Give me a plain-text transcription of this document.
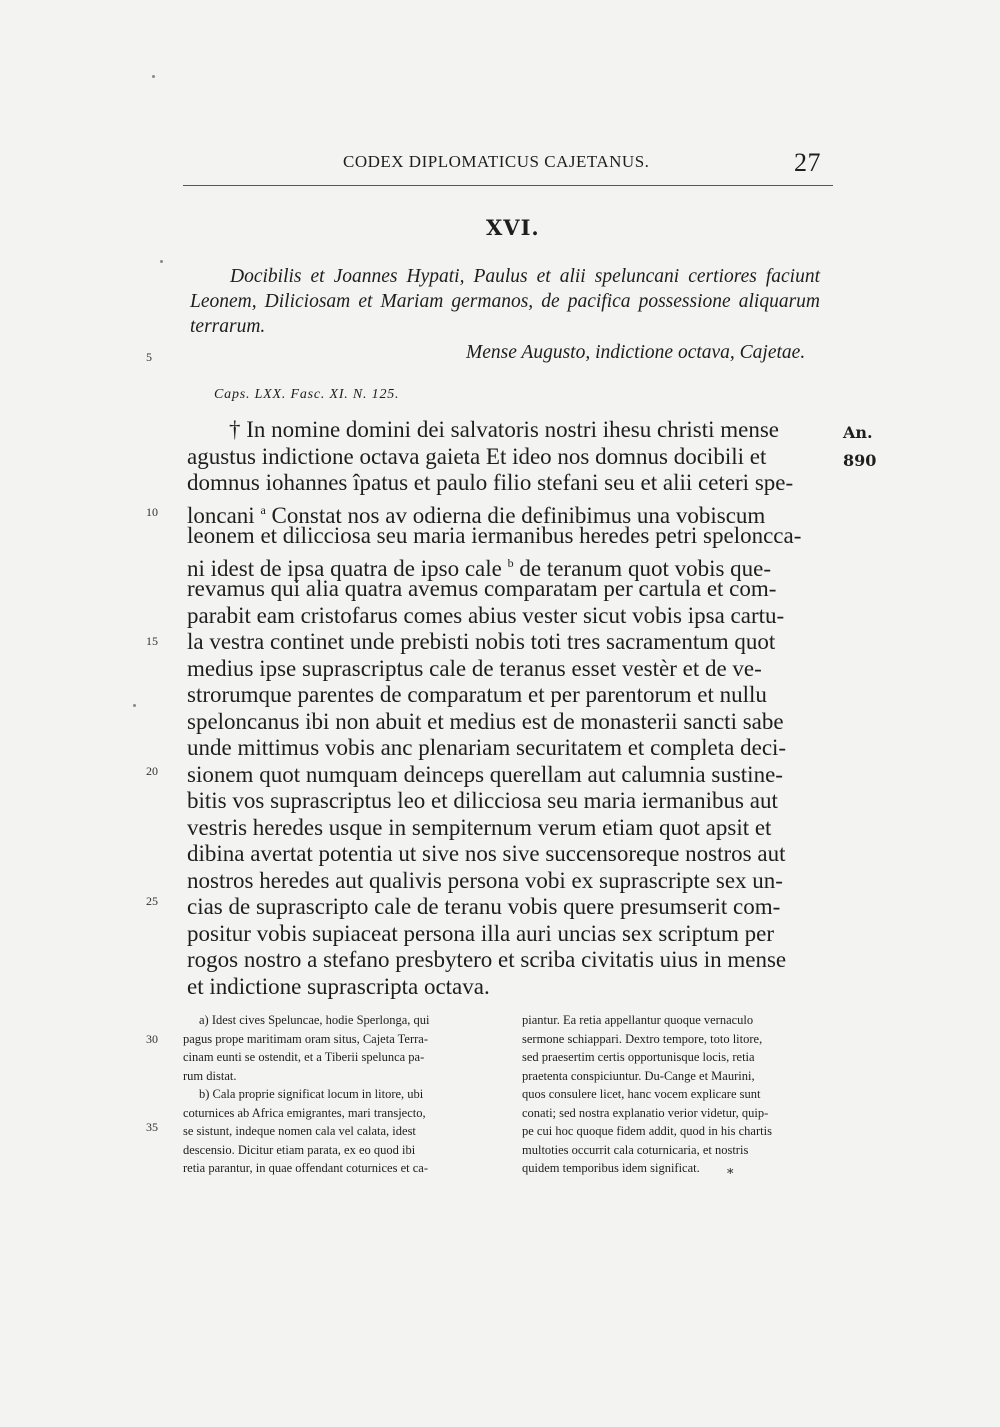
CODEX DIPLOMATICUS CAJETANUS.	27
XVI.
Docibilis et Joannes Hypati, Paulus et alii speluncani certiores faciunt Leonem, Diliciosam et Mariam germanos, de pacifica possessione aliquarum terrarum.
Mense Augusto, indictione octava, Cajetae.
Caps. LXX. Fasc. XI. N. 125.
An.
890
5
10
15
20
25
30
35
† In nomine domini dei salvatoris nostri ihesu christi mense
agustus indictione octava gaieta Et ideo nos domnus docibili et
domnus iohannes îpatus et paulo filio stefani seu et alii ceteri spe-
loncani $^a$ Constat nos av odierna die definibimus una vobiscum
leonem et dilicciosa seu maria iermanibus heredes petri speloncca-
ni idest de ipsa quatra de ipso cale $^b$ de teranum quot vobis que-
revamus qui alia quatra avemus comparatam per cartula et com-
parabit eam cristofarus comes abius vester sicut vobis ipsa cartu-
la vestra continet unde prebisti nobis toti tres sacramentum quot
medius ipse suprascriptus cale de teranus esset vestèr et de ve-
strorumque parentes de comparatum et per parentorum et nullu
speloncanus ibi non abuit et medius est de monasterii sancti sabe
unde mittimus vobis anc plenariam securitatem et completa deci-
sionem quot numquam deinceps querellam aut calumnia sustine-
bitis vos suprascriptus leo et dilicciosa seu maria iermanibus aut
vestris heredes usque in sempiternum verum etiam quot apsit et
dibina avertat potentia ut sive nos sive succensoreque nostros aut
nostros heredes aut qualivis persona vobi ex suprascripte sex un-
cias de suprascripto cale de teranu vobis quere presumserit com-
positur vobis supiaceat persona illa auri uncias sex scriptum per
rogos nostro a stefano presbytero et scriba civitatis uius in mense
et indictione suprascripta octava.
a) Idest cives Speluncae, hodie Sperlonga, qui
pagus prope maritimam oram situs, Cajeta Terra-
cinam eunti se ostendit, et a Tiberii spelunca pa-
rum distat.
b) Cala proprie significat locum in litore, ubi
coturnices ab Africa emigrantes, mari transjecto,
se sistunt, indeque nomen cala vel calata, idest
descensio. Dicitur etiam parata, ex eo quod ibi
retia parantur, in quae offendant coturnices et ca-
piantur. Ea retia appellantur quoque vernaculo
sermone schiappari. Dextro tempore, toto litore,
sed praesertim certis opportunisque locis, retia
praetenta conspiciuntur. Du-Cange et Maurini,
quos consulere licet, hanc vocem explicare sunt
conati; sed nostra explanatio verior videtur, quip-
pe cui hoc quoque fidem addit, quod in his chartis
multoties occurrit cala coturnicaria, et nostris
quidem temporibus idem significat.	*
